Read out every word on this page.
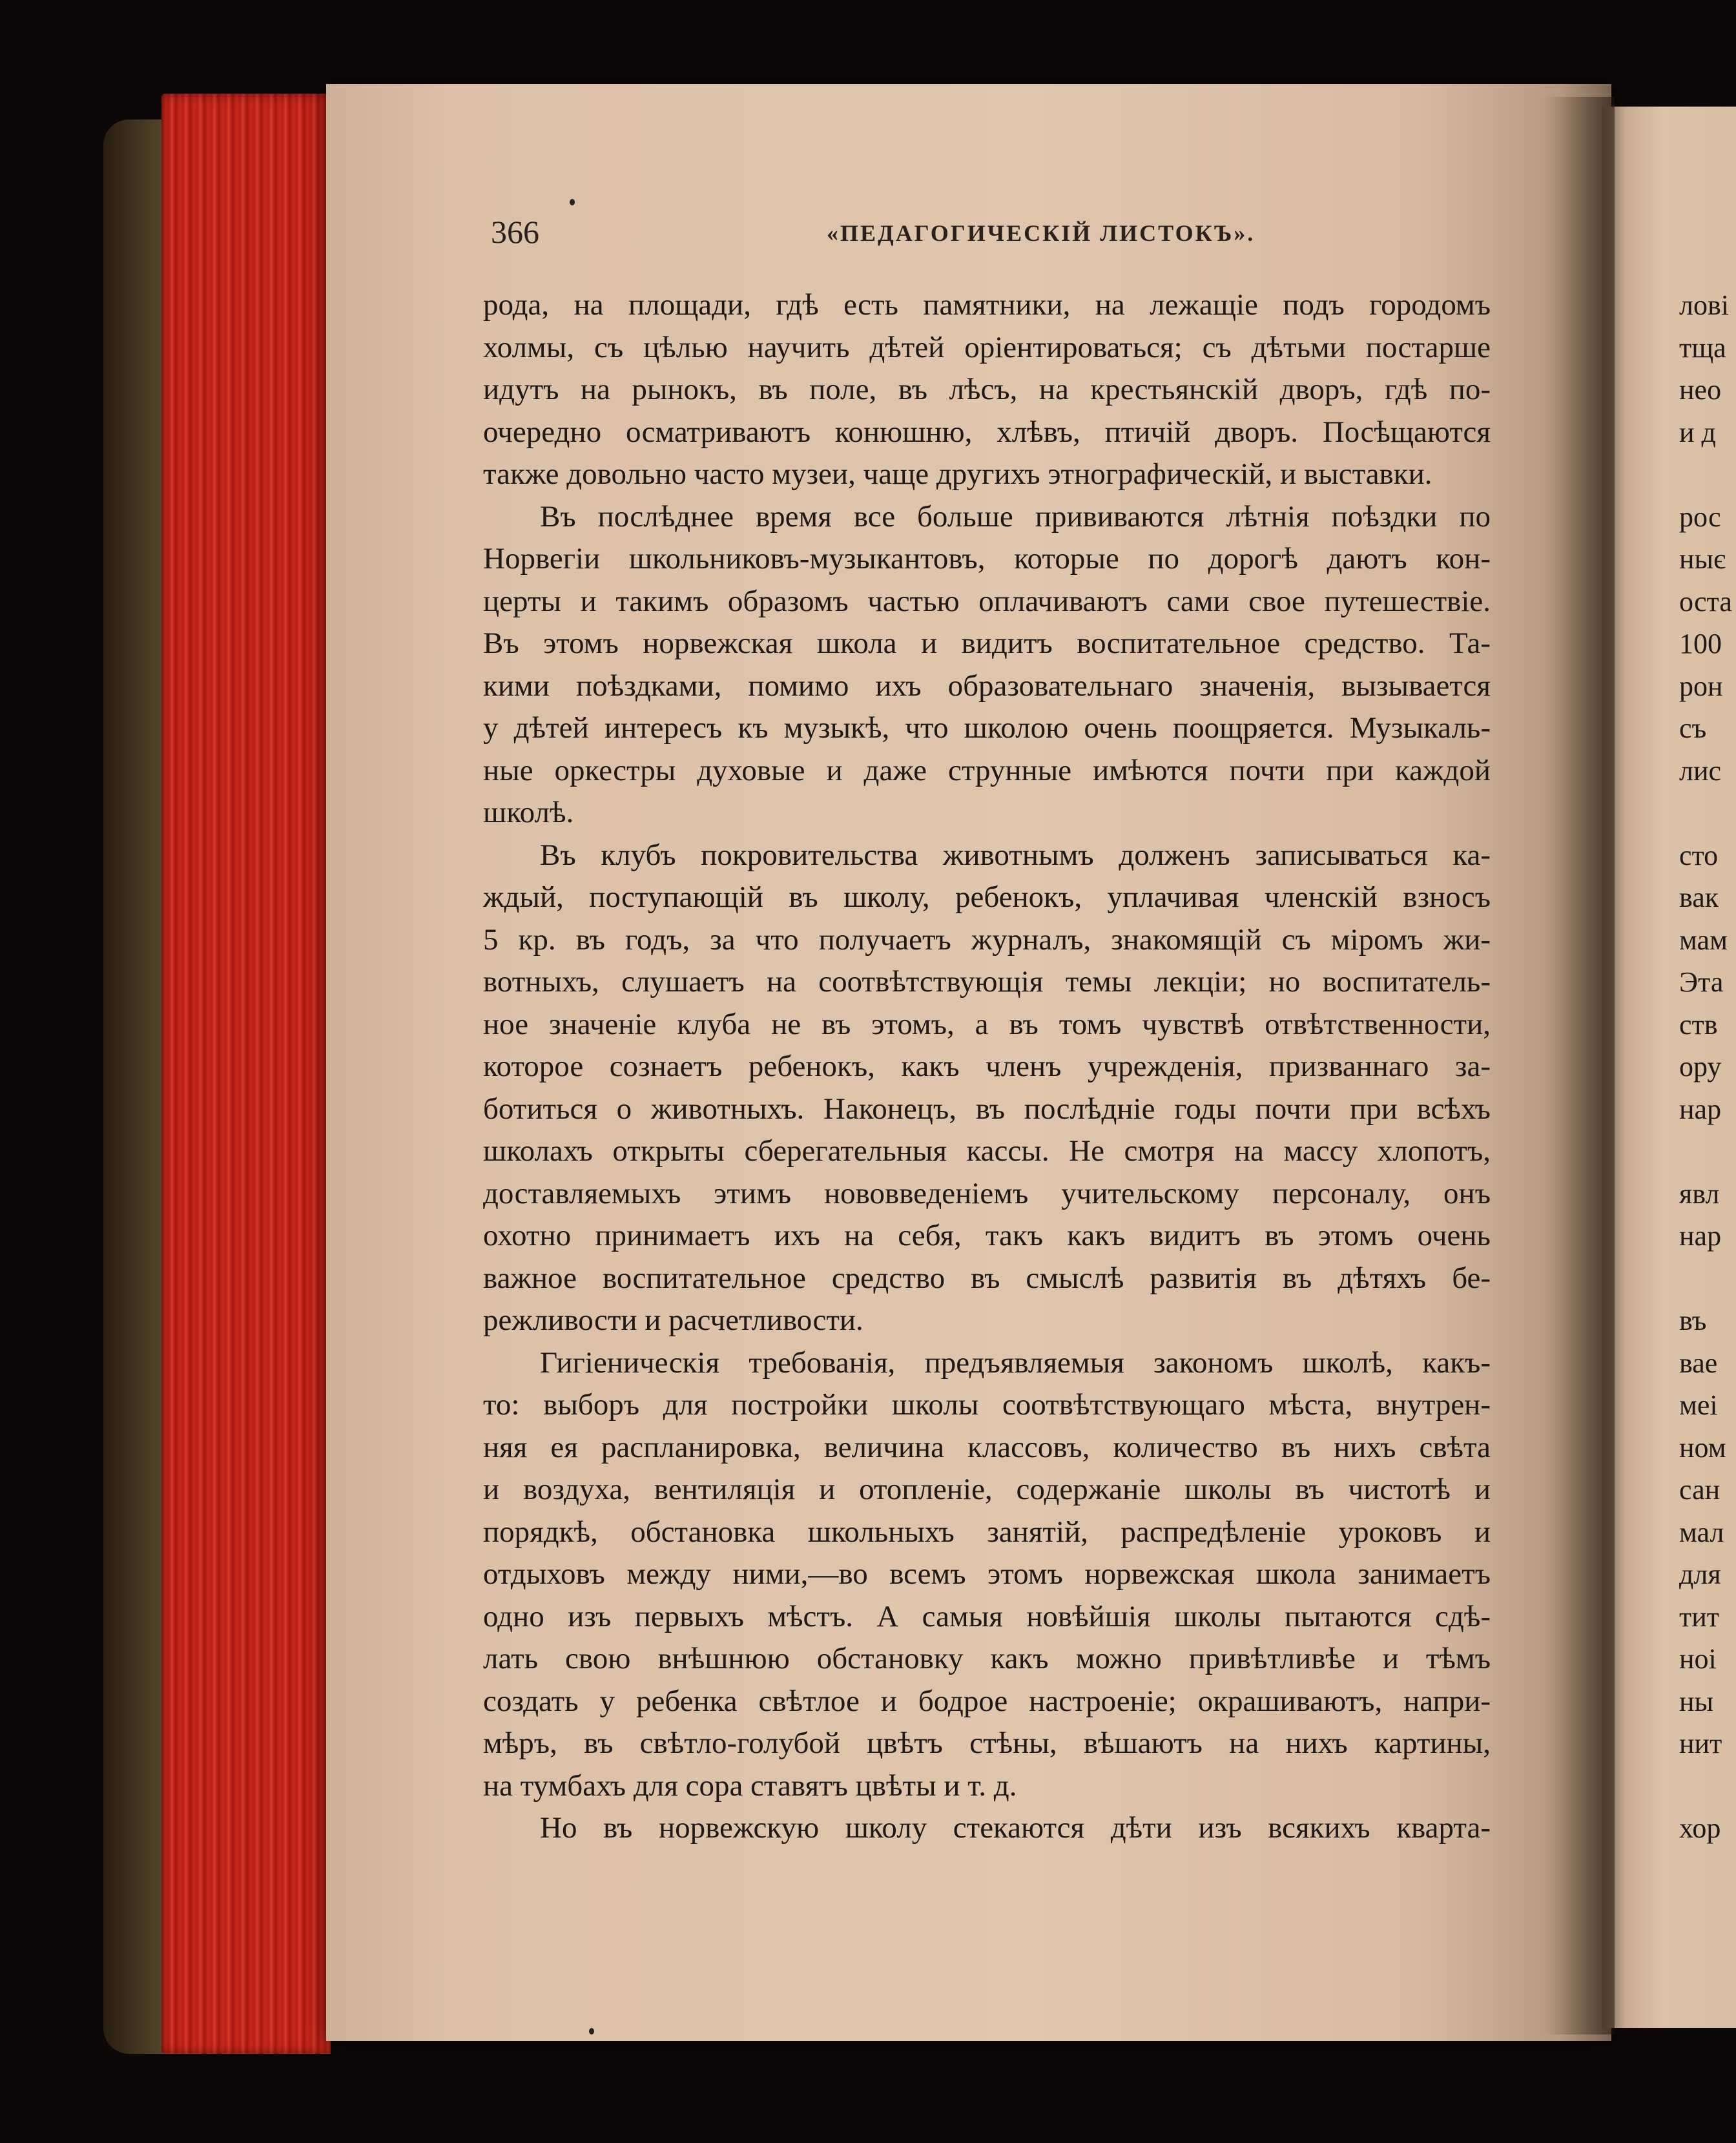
366	«ПЕДАГОГИЧЕСКІЙ ЛИСТОКЪ».
рода, на площади, гдѣ есть памятники, на лежащіе подъ городомъ
холмы, съ цѣлью научить дѣтей оріентироваться; съ дѣтьми постарше
идутъ на рынокъ, въ поле, въ лѣсъ, на крестьянскій дворъ, гдѣ по-
очередно осматриваютъ конюшню, хлѣвъ, птичій дворъ. Посѣщаются
также довольно часто музеи, чаще другихъ этнографическій, и выставки.
Въ послѣднее время все больше прививаются лѣтнія поѣздки по
Норвегіи школьниковъ-музыкантовъ, которые по дорогѣ даютъ кон-
церты и такимъ образомъ частью оплачиваютъ сами свое путешествіе.
Въ этомъ норвежская школа и видитъ воспитательное средство. Та-
кими поѣздками, помимо ихъ образовательнаго значенія, вызывается
у дѣтей интересъ къ музыкѣ, что школою очень поощряется. Музыкаль-
ные оркестры духовые и даже струнные имѣются почти при каждой
школѣ.
Въ клубъ покровительства животнымъ долженъ записываться ка-
ждый, поступающій въ школу, ребенокъ, уплачивая членскій взносъ
5 кр. въ годъ, за что получаетъ журналъ, знакомящій съ міромъ жи-
вотныхъ, слушаетъ на соотвѣтствующія темы лекціи; но воспитатель-
ное значеніе клуба не въ этомъ, а въ томъ чувствѣ отвѣтственности,
которое сознаетъ ребенокъ, какъ членъ учрежденія, призваннаго за-
ботиться о животныхъ. Наконецъ, въ послѣдніе годы почти при всѣхъ
школахъ открыты сберегательныя кассы. Не смотря на массу хлопотъ,
доставляемыхъ этимъ нововведеніемъ учительскому персоналу, онъ
охотно принимаетъ ихъ на себя, такъ какъ видитъ въ этомъ очень
важное воспитательное средство въ смыслѣ развитія въ дѣтяхъ бе-
режливости и расчетливости.
Гигіеническія требованія, предъявляемыя закономъ школѣ, какъ-
то: выборъ для постройки школы соотвѣтствующаго мѣста, внутрен-
няя ея распланировка, величина классовъ, количество въ нихъ свѣта
и воздуха, вентиляція и отопленіе, содержаніе школы въ чистотѣ и
порядкѣ, обстановка школьныхъ занятій, распредѣленіе уроковъ и
отдыховъ между ними,—во всемъ этомъ норвежская школа занимаетъ
одно изъ первыхъ мѣстъ. А самыя новѣйшія школы пытаются сдѣ-
лать свою внѣшнюю обстановку какъ можно привѣтливѣе и тѣмъ
создать у ребенка свѣтлое и бодрое настроеніе; окрашиваютъ, напри-
мѣръ, въ свѣтло-голубой цвѣтъ стѣны, вѣшаютъ на нихъ картины,
на тумбахъ для сора ставятъ цвѣты и т. д.
Но въ норвежскую школу стекаются дѣти изъ всякихъ кварта-
лові
тща
нео
и д
рос
ныє
оста
100
рон
съ
лис
сто
вак
мам
Эта
ств
ору
нар
явл
нар
въ
вае
меі
ном
сан
мал
для
тит
ноі
ны
нит
хор
